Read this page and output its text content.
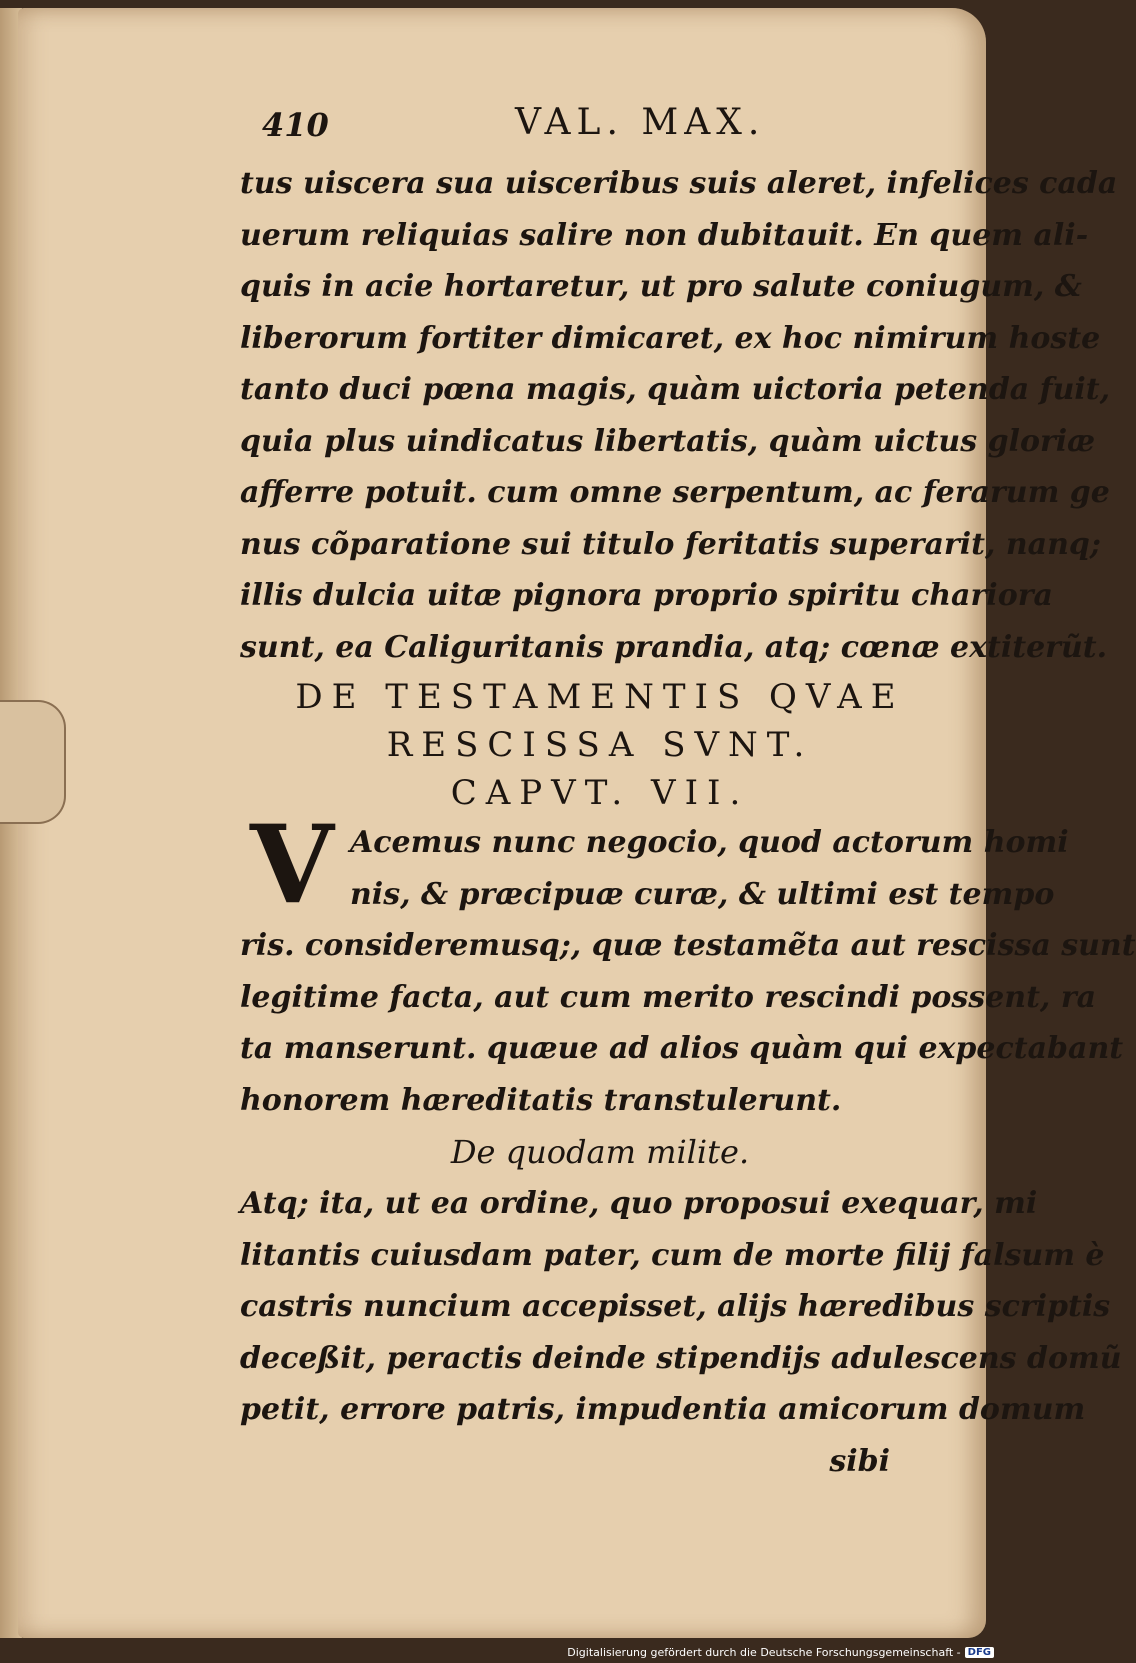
410	VAL. MAX.
tus uiscera sua uisceribus suis aleret, infelices cada
uerum reliquias salire non dubitauit. En quem ali-
quis in acie hortaretur, ut pro salute coniugum, &
liberorum fortiter dimicaret, ex hoc nimirum hoste
tanto duci pœna magis, quàm uictoria petenda fuit,
quia plus uindicatus libertatis, quàm uictus gloriæ
afferre potuit. cum omne serpentum, ac ferarum ge
nus cõparatione sui titulo feritatis superarit, nanq;
illis dulcia uitæ pignora proprio spiritu chariora
sunt, ea Caliguritanis prandia, atq; cœnæ extiterũt.
DE TESTAMENTIS QVAE
RESCISSA SVNT.
CAPVT. VII.
V Acemus nunc negocio, quod actorum homi
nis, & præcipuæ curæ, & ultimi est tempo
ris. consideremusq;, quæ testamẽta aut rescissa sunt
legitime facta, aut cum merito rescindi possent, ra
ta manserunt. quæue ad alios quàm qui expectabant
honorem hæreditatis transtulerunt.
De quodam milite.
Atq; ita, ut ea ordine, quo proposui exequar, mi
litantis cuiusdam pater, cum de morte filij falsum è
castris nuncium accepisset, alijs hæredibus scriptis
deceßit, peractis deinde stipendijs adulescens domũ
petit, errore patris, impudentia amicorum domum
sibi
Digitalisierung gefördert durch die Deutsche Forschungsgemeinschaft - DFG
